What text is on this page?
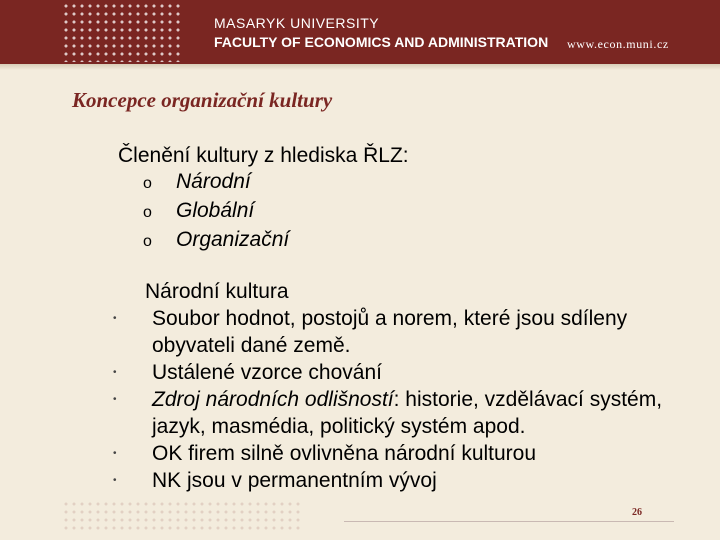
MASARYK UNIVERSITY
FACULTY OF ECONOMICS AND ADMINISTRATION www.econ.muni.cz
Koncepce organizační kultury
Členění kultury z hlediska ŘLZ:
o Národní
o Globální
o Organizační
Národní kultura
• Soubor hodnot, postojů a norem, které jsou sdíleny obyvateli dané země.
• Ustálené vzorce chování
• Zdroj národních odlišností: historie, vzdělávací systém, jazyk, masmédia, politický systém apod.
• OK firem silně ovlivněna národní kulturou
• NK jsou v permanentním vývoj
26
